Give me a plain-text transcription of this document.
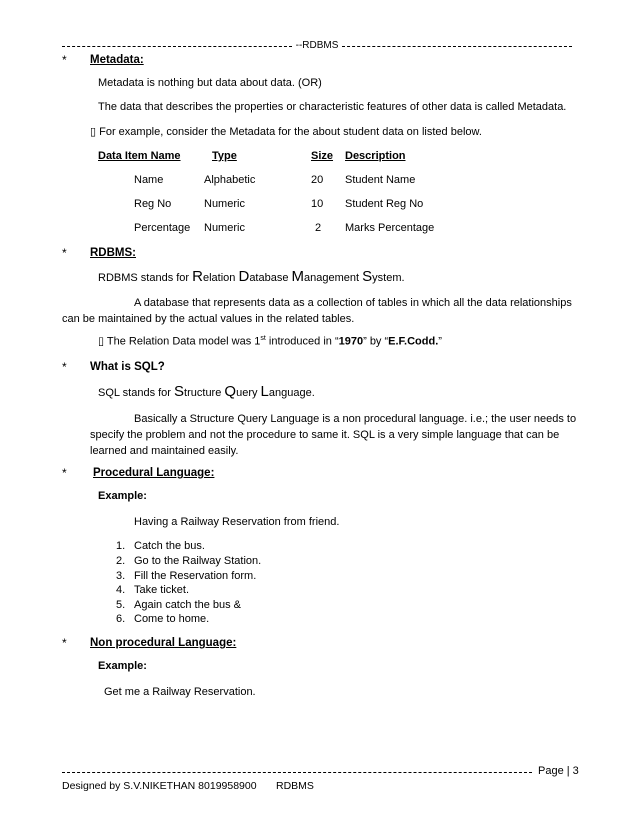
--RDBMS
* Metadata:
Metadata is nothing but data about data. (OR)
The data that describes the properties or characteristic features of other data is called Metadata.
▯ For example, consider the Metadata for the about student data on listed below.
Data Item Name	Type	Size Description
Name	Alphabetic	20 Student Name
Reg No	Numeric	10 Student Reg No
Percentage Numeric	2 Marks Percentage
* RDBMS:
RDBMS stands for Relation Database Management System.
A database that represents data as a collection of tables in which all the data relationships
can be maintained by the actual values in the related tables.
▯ The Relation Data model was 1st introduced in “1970” by “E.F.Codd.”
* What is SQL?
SQL stands for Structure Query Language.
Basically a Structure Query Language is a non procedural language. i.e.; the user needs to
specify the problem and not the procedure to same it. SQL is a very simple language that can be
learned and maintained easily.
* Procedural Language:
Example:
Having a Railway Reservation from friend.
1. Catch the bus.
2. Go to the Railway Station.
3. Fill the Reservation form.
4. Take ticket.
5. Again catch the bus &
6. Come to home.
* Non procedural Language:
Example:
Get me a Railway Reservation.
Page | 3
Designed by S.V.NIKETHAN 8019958900 RDBMS
